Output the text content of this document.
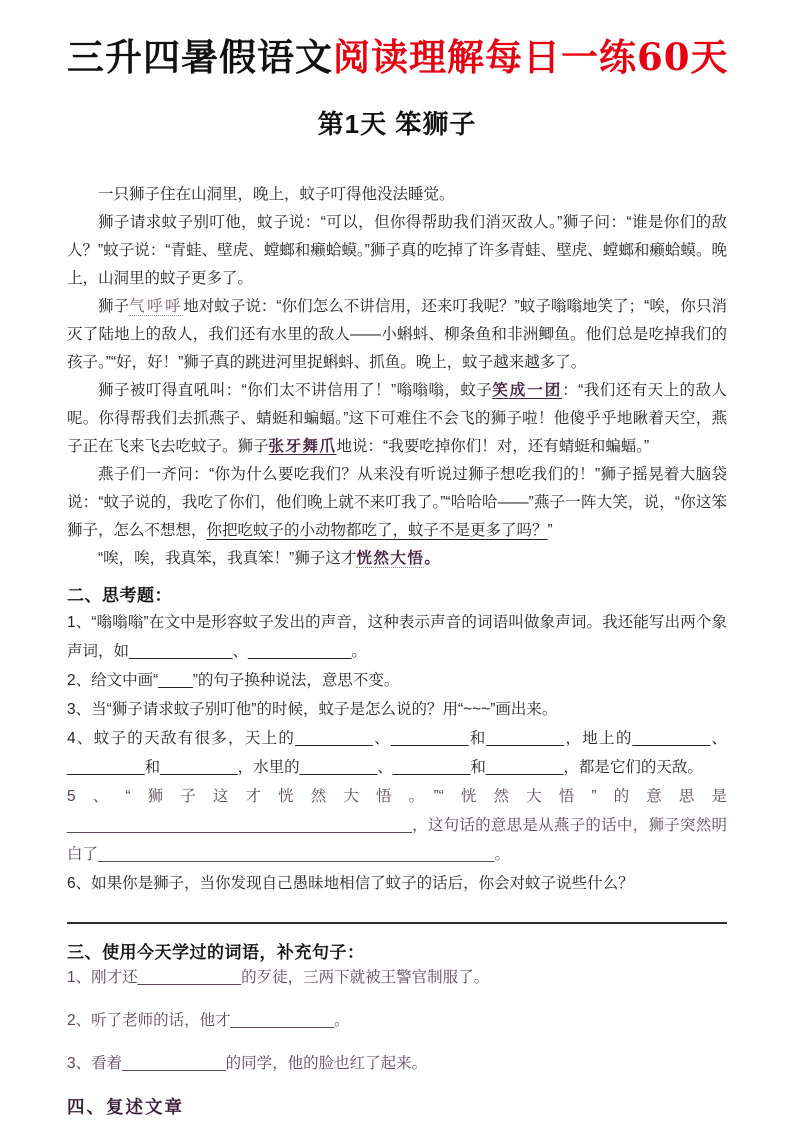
三升四暑假语文阅读理解每日一练60天
第1天 笨狮子

一只狮子住在山洞里，晚上，蚊子叮得他没法睡觉。

狮子请求蚊子别叮他，蚊子说：“可以，但你得帮助我们消灭敌人。”狮子问：“谁是你们的敌人？”蚊子说：“青蛙、壁虎、螳螂和癞蛤蟆。”狮子真的吃掉了许多青蛙、壁虎、螳螂和癞蛤蟆。晚上，山洞里的蚊子更多了。

狮子气呼呼地对蚊子说：“你们怎么不讲信用，还来叮我呢？”蚊子嗡嗡地笑了；“唉，你只消灭了陆地上的敌人，我们还有水里的敌人——小蝌蚪、柳条鱼和非洲鲫鱼。他们总是吃掉我们的孩子。”“好，好！”狮子真的跳进河里捉蝌蚪、抓鱼。晚上，蚊子越来越多了。

狮子被叮得直吼叫：“你们太不讲信用了！”嗡嗡嗡，蚊子笑成一团：“我们还有天上的敌人呢。你得帮我们去抓燕子、蜻蜓和蝙蝠。”这下可难住不会飞的狮子啦！他傻乎乎地瞅着天空，燕子正在飞来飞去吃蚊子。狮子张牙舞爪地说：“我要吃掉你们！对，还有蜻蜓和蝙蝠。”

燕子们一齐问：“你为什么要吃我们？从来没有听说过狮子想吃我们的！”狮子摇晃着大脑袋说：“蚊子说的，我吃了你们，他们晚上就不来叮我了。”“哈哈哈——”燕子一阵大笑，说，“你这笨狮子，怎么不想想，你把吃蚊子的小动物都吃了，蚊子不是更多了吗？”

“唉，唉，我真笨，我真笨！”狮子这才恍然大悟。

二、思考题：

1、“嗡嗡嗡”在文中是形容蚊子发出的声音，这种表示声音的词语叫做象声词。我还能写出两个象声词，如____________、____________。

2、给文中画“____”的句子换种说法，意思不变。

3、当“狮子请求蚊子别叮他”的时候，蚊子是怎么说的？用“~~~”画出来。

4、蚊子的天敌有很多，天上的_________、_________和_________，地上的_________、_________和_________，水里的_________、_________和_________，都是它们的天敌。

5、“狮子这才恍然大悟。”“恍然大悟”的意思是________________________________________，这句话的意思是从燕子的话中，狮子突然明白了______________________________________________。

6、如果你是狮子，当你发现自己愚昧地相信了蚊子的话后，你会对蚊子说些什么？

三、使用今天学过的词语，补充句子：

1、刚才还____________的歹徒，三两下就被王警官制服了。

2、听了老师的话，他才____________。

3、看着____________的同学，他的脸也红了起来。

四、复述文章
